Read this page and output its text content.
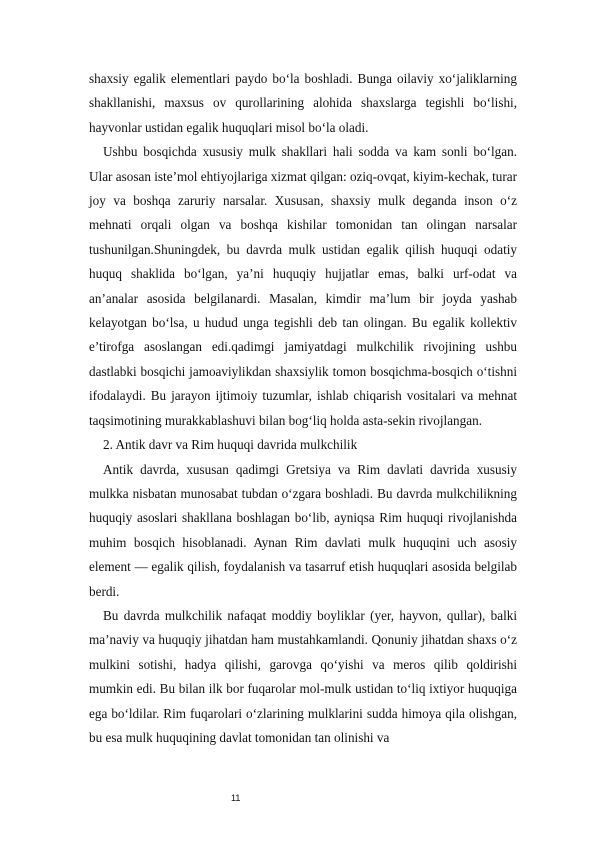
shaxsiy egalik elementlari paydo bo‘la boshladi. Bunga oilaviy xo‘jaliklarning shakllanishi, maxsus ov qurollarining alohida shaxslarga tegishli bo‘lishi, hayvonlar ustidan egalik huquqlari misol bo‘la oladi.

Ushbu bosqichda xususiy mulk shakllari hali sodda va kam sonli bo‘lgan. Ular asosan iste’mol ehtiyojlariga xizmat qilgan: oziq-ovqat, kiyim-kechak, turar joy va boshqa zaruriy narsalar. Xususan, shaxsiy mulk deganda inson o‘z mehnati orqali olgan va boshqa kishilar tomonidan tan olingan narsalar tushunilgan.Shuningdek, bu davrda mulk ustidan egalik qilish huquqi odatiy huquq shaklida bo‘lgan, ya’ni huquqiy hujjatlar emas, balki urf-odat va an’analar asosida belgilanardi. Masalan, kimdir ma’lum bir joyda yashab kelayotgan bo‘lsa, u hudud unga tegishli deb tan olingan. Bu egalik kollektiv e’tirofga asoslangan edi.qadimgi jamiyatdagi mulkchilik rivojining ushbu dastlabki bosqichi jamoaviylikdan shaxsiylik tomon bosqichma-bosqich o‘tishni ifodalaydi. Bu jarayon ijtimoiy tuzumlar, ishlab chiqarish vositalari va mehnat taqsimotining murakkablashuvi bilan bog‘liq holda asta-sekin rivojlangan.

2. Antik davr va Rim huquqi davrida mulkchilik

Antik davrda, xususan qadimgi Gretsiya va Rim davlati davrida xususiy mulkka nisbatan munosabat tubdan o‘zgara boshladi. Bu davrda mulkchilikning huquqiy asoslari shakllana boshlagan bo‘lib, ayniqsa Rim huquqi rivojlanishda muhim bosqich hisoblanadi. Aynan Rim davlati mulk huquqini uch asosiy element — egalik qilish, foydalanish va tasarruf etish huquqlari asosida belgilab berdi.

Bu davrda mulkchilik nafaqat moddiy boyliklar (yer, hayvon, qullar), balki ma’naviy va huquqiy jihatdan ham mustahkamlandi. Qonuniy jihatdan shaxs o‘z mulkini sotishi, hadya qilishi, garovga qo‘yishi va meros qilib qoldirishi mumkin edi. Bu bilan ilk bor fuqarolar mol-mulk ustidan to‘liq ixtiyor huquqiga ega bo‘ldilar. Rim fuqarolari o‘zlarining mulklarini sudda himoya qila olishgan, bu esa mulk huquqining davlat tomonidan tan olinishi va

11
